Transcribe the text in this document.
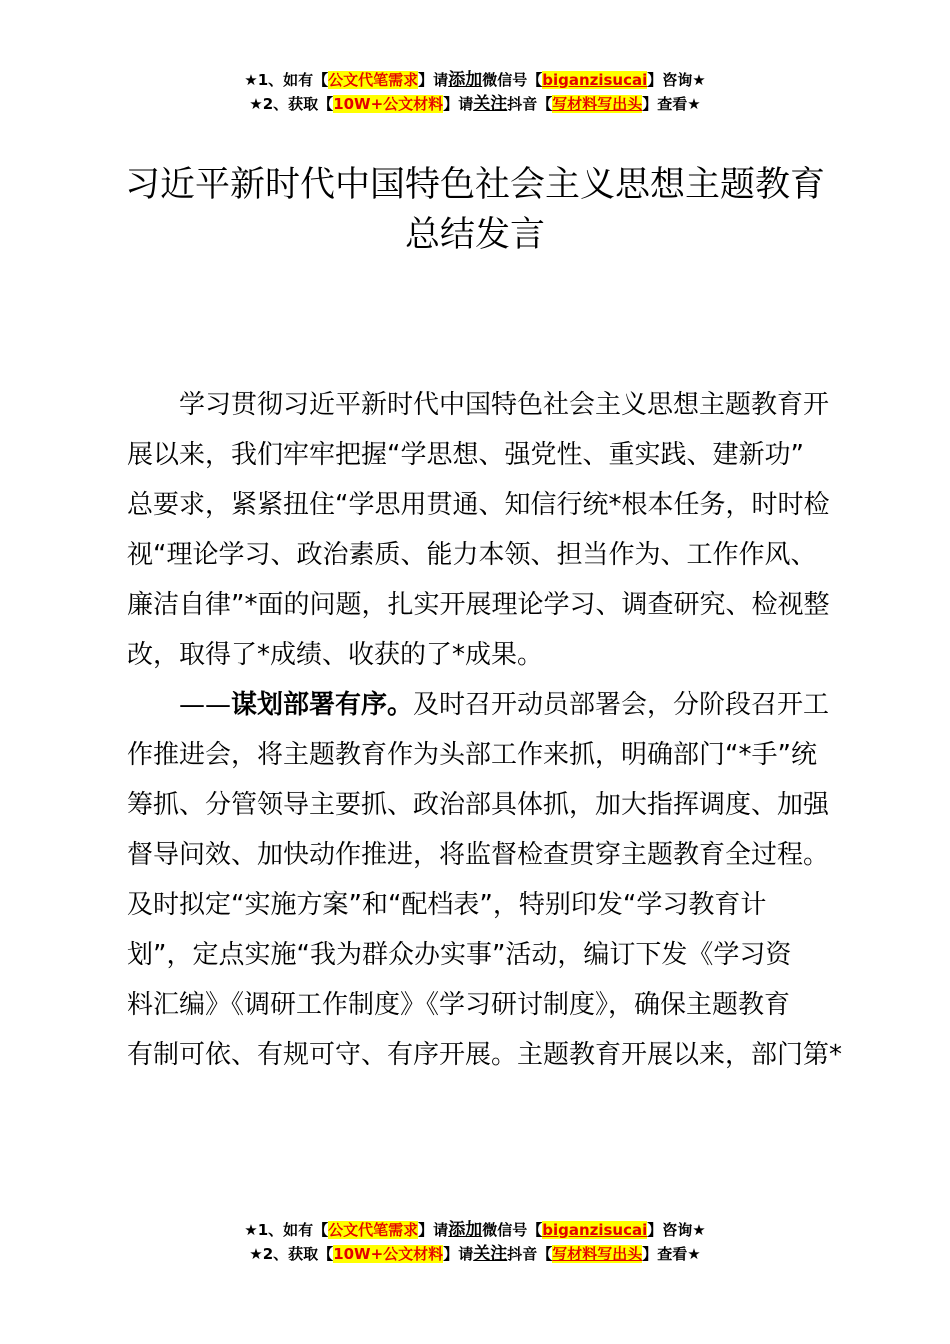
★1、如有【公文代笔需求】请添加微信号【biganzisucai】咨询★
★2、获取【10W+公文材料】请关注抖音【写材料写出头】查看★
习近平新时代中国特色社会主义思想主题教育
总结发言
学习贯彻习近平新时代中国特色社会主义思想主题教育开
展以来，我们牢牢把握“学思想、强党性、重实践、建新功”
总要求，紧紧扭住“学思用贯通、知信行统*根本任务，时时检
视“理论学习、政治素质、能力本领、担当作为、工作作风、
廉洁自律”*面的问题，扎实开展理论学习、调查研究、检视整
改，取得了*成绩、收获的了*成果。
——谋划部署有序。及时召开动员部署会，分阶段召开工
作推进会，将主题教育作为头部工作来抓，明确部门“*手”统
筹抓、分管领导主要抓、政治部具体抓，加大指挥调度、加强
督导问效、加快动作推进，将监督检查贯穿主题教育全过程。
及时拟定“实施方案”和“配档表”，特别印发“学习教育计
划”，定点实施“我为群众办实事”活动，编订下发《学习资
料汇编》《调研工作制度》《学习研讨制度》，确保主题教育
有制可依、有规可守、有序开展。主题教育开展以来，部门第*
★1、如有【公文代笔需求】请添加微信号【biganzisucai】咨询★
★2、获取【10W+公文材料】请关注抖音【写材料写出头】查看★
